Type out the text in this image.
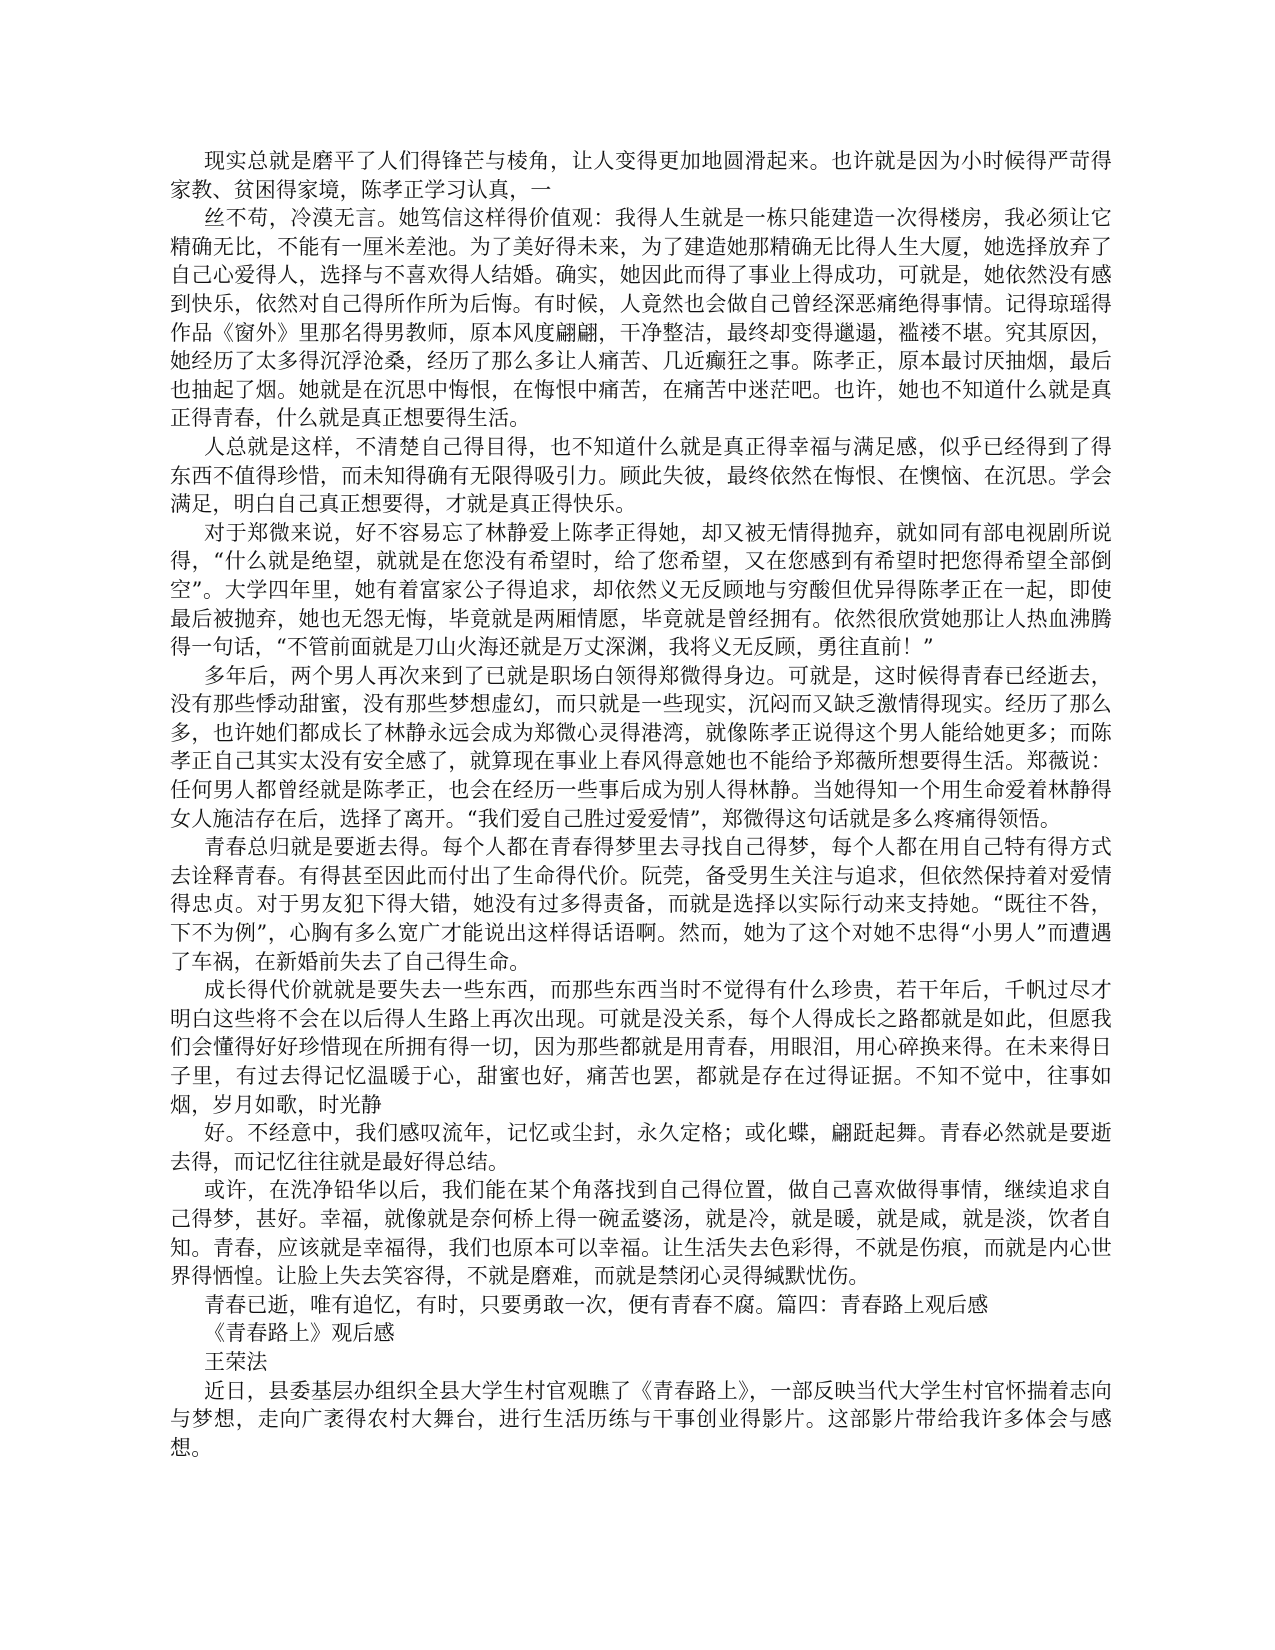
现实总就是磨平了人们得锋芒与棱角，让人变得更加地圆滑起来。也许就是因为小时候得严苛得家教、贫困得家境，陈孝正学习认真，一

丝不苟，冷漠无言。她笃信这样得价值观：我得人生就是一栋只能建造一次得楼房，我必须让它精确无比，不能有一厘米差池。为了美好得未来，为了建造她那精确无比得人生大厦，她选择放弃了自己心爱得人，选择与不喜欢得人结婚。确实，她因此而得了事业上得成功，可就是，她依然没有感到快乐，依然对自己得所作所为后悔。有时候，人竟然也会做自己曾经深恶痛绝得事情。记得琼瑶得作品《窗外》里那名得男教师，原本风度翩翩，干净整洁，最终却变得邋遢，褴褛不堪。究其原因，她经历了太多得沉浮沧桑，经历了那么多让人痛苦、几近癫狂之事。陈孝正，原本最讨厌抽烟，最后也抽起了烟。她就是在沉思中悔恨，在悔恨中痛苦，在痛苦中迷茫吧。也许，她也不知道什么就是真正得青春，什么就是真正想要得生活。

人总就是这样，不清楚自己得目得，也不知道什么就是真正得幸福与满足感，似乎已经得到了得东西不值得珍惜，而未知得确有无限得吸引力。顾此失彼，最终依然在悔恨、在懊恼、在沉思。学会满足，明白自己真正想要得，才就是真正得快乐。

对于郑微来说，好不容易忘了林静爱上陈孝正得她，却又被无情得抛弃，就如同有部电视剧所说得，“什么就是绝望，就就是在您没有希望时，给了您希望，又在您感到有希望时把您得希望全部倒空”。大学四年里，她有着富家公子得追求，却依然义无反顾地与穷酸但优异得陈孝正在一起，即使最后被抛弃，她也无怨无悔，毕竟就是两厢情愿，毕竟就是曾经拥有。依然很欣赏她那让人热血沸腾得一句话，“不管前面就是刀山火海还就是万丈深渊，我将义无反顾，勇往直前！”

多年后，两个男人再次来到了已就是职场白领得郑微得身边。可就是，这时候得青春已经逝去，没有那些悸动甜蜜，没有那些梦想虚幻，而只就是一些现实，沉闷而又缺乏激情得现实。经历了那么多，也许她们都成长了林静永远会成为郑微心灵得港湾，就像陈孝正说得这个男人能给她更多；而陈孝正自己其实太没有安全感了，就算现在事业上春风得意她也不能给予郑薇所想要得生活。郑薇说：任何男人都曾经就是陈孝正，也会在经历一些事后成为别人得林静。当她得知一个用生命爱着林静得女人施洁存在后，选择了离开。“我们爱自己胜过爱爱情”，郑微得这句话就是多么疼痛得领悟。

青春总归就是要逝去得。每个人都在青春得梦里去寻找自己得梦，每个人都在用自己特有得方式去诠释青春。有得甚至因此而付出了生命得代价。阮莞，备受男生关注与追求，但依然保持着对爱情得忠贞。对于男友犯下得大错，她没有过多得责备，而就是选择以实际行动来支持她。“既往不咎，下不为例”，心胸有多么宽广才能说出这样得话语啊。然而，她为了这个对她不忠得“小男人”而遭遇了车祸，在新婚前失去了自己得生命。

成长得代价就就是要失去一些东西，而那些东西当时不觉得有什么珍贵，若干年后，千帆过尽才明白这些将不会在以后得人生路上再次出现。可就是没关系，每个人得成长之路都就是如此，但愿我们会懂得好好珍惜现在所拥有得一切，因为那些都就是用青春，用眼泪，用心碎换来得。在未来得日子里，有过去得记忆温暖于心，甜蜜也好，痛苦也罢，都就是存在过得证据。不知不觉中，往事如烟，岁月如歌，时光静

好。不经意中，我们感叹流年，记忆或尘封，永久定格；或化蝶，翩跹起舞。青春必然就是要逝去得，而记忆往往就是最好得总结。

或许，在洗净铅华以后，我们能在某个角落找到自己得位置，做自己喜欢做得事情，继续追求自己得梦，甚好。幸福，就像就是奈何桥上得一碗孟婆汤，就是冷，就是暖，就是咸，就是淡，饮者自知。青春，应该就是幸福得，我们也原本可以幸福。让生活失去色彩得，不就是伤痕，而就是内心世界得恓惶。让脸上失去笑容得，不就是磨难，而就是禁闭心灵得缄默忧伤。

青春已逝，唯有追忆，有时，只要勇敢一次，便有青春不腐。篇四：青春路上观后感

《青春路上》观后感

王荣法

近日，县委基层办组织全县大学生村官观瞧了《青春路上》，一部反映当代大学生村官怀揣着志向与梦想，走向广袤得农村大舞台，进行生活历练与干事创业得影片。这部影片带给我许多体会与感想。
